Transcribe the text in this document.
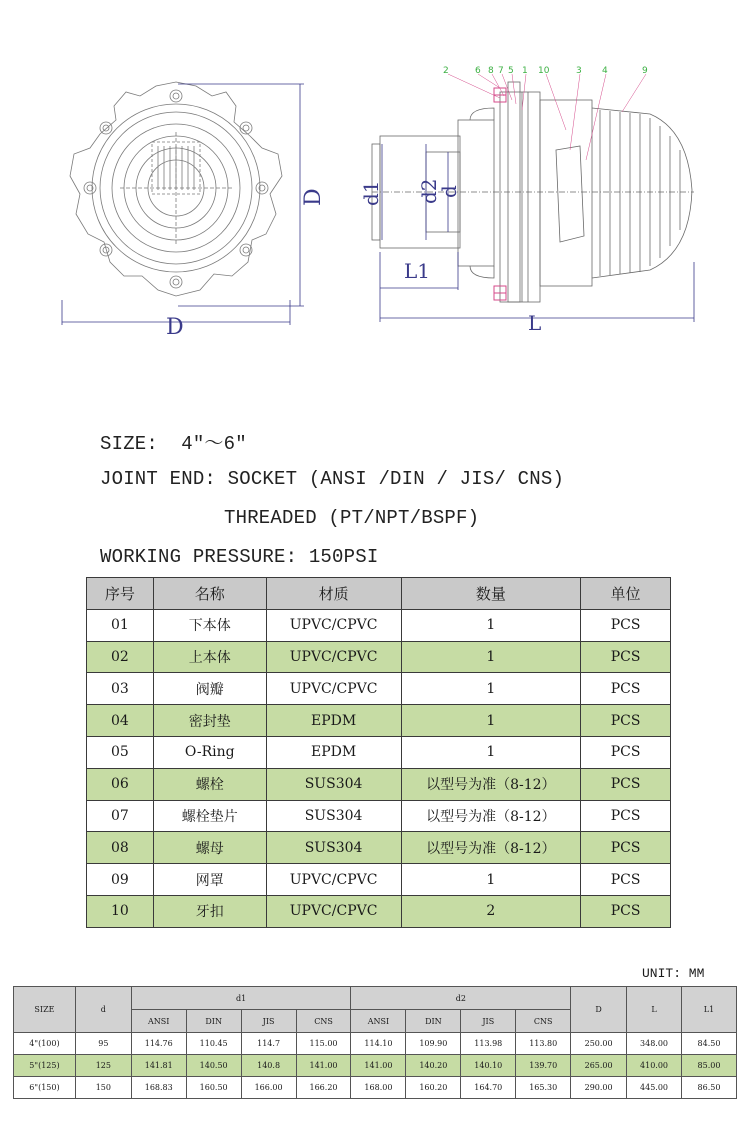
D
D
2	6 8 7 5 1 10	3 4	9
d1 d2
d
L1
L
SIZE:  4"～6"
JOINT END: SOCKET (ANSI /DIN / JIS/ CNS)
THREADED (PT/NPT/BSPF)
WORKING PRESSURE: 150PSI
序号	名称	材质	数量	单位
01	下本体	UPVC/CPVC	1	PCS
02	上本体	UPVC/CPVC	1	PCS
03	阀瓣	UPVC/CPVC	1	PCS
04	密封垫	EPDM	1	PCS
05	O-Ring	EPDM	1	PCS
06	螺栓	SUS304	以型号为准（8-12）	PCS
07	螺栓垫片	SUS304	以型号为准（8-12）	PCS
08	螺母	SUS304	以型号为准（8-12）	PCS
09	网罩	UPVC/CPVC	1	PCS
10	牙扣	UPVC/CPVC	2	PCS
UNIT: MM
SIZE	d	d1				d2				D	L	L1
		ANSI	DIN	JIS	CNS	ANSI	DIN	JIS	CNS			
4"(100)	95	114.76	110.45	114.7	115.00	114.10	109.90	113.98	113.80	250.00	348.00	84.50
5"(125)	125	141.81	140.50	140.8	141.00	141.00	140.20	140.10	139.70	265.00	410.00	85.00
6"(150)	150	168.83	160.50	166.00	166.20	168.00	160.20	164.70	165.30	290.00	445.00	86.50
